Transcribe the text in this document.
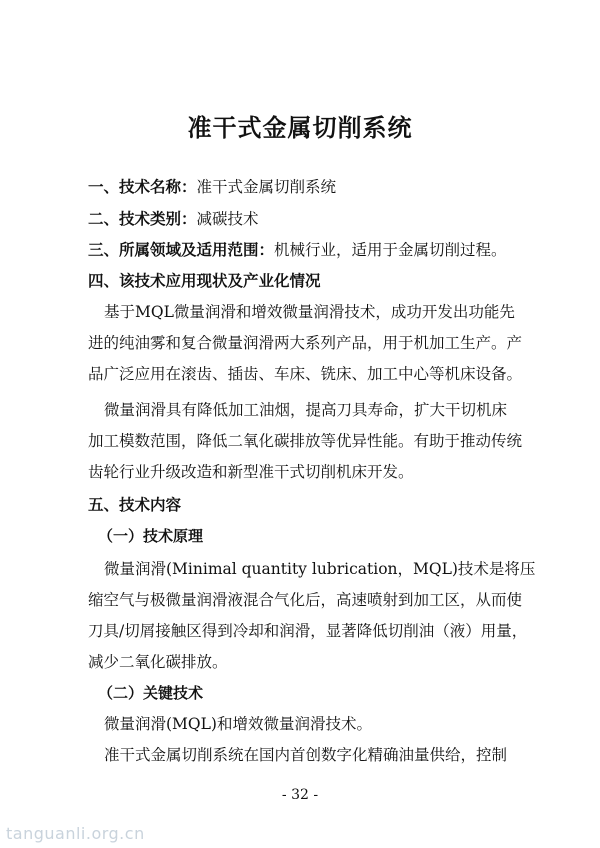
准干式金属切削系统
一、技术名称：准干式金属切削系统
二、技术类别：减碳技术
三、所属领域及适用范围：机械行业，适用于金属切削过程。
四、该技术应用现状及产业化情况
基于MQL微量润滑和增效微量润滑技术，成功开发出功能先
进的纯油雾和复合微量润滑两大系列产品，用于机加工生产。产
品广泛应用在滚齿、插齿、车床、铣床、加工中心等机床设备。
微量润滑具有降低加工油烟，提高刀具寿命，扩大干切机床
加工模数范围，降低二氧化碳排放等优异性能。有助于推动传统
齿轮行业升级改造和新型准干式切削机床开发。
五、技术内容
（一）技术原理
微量润滑(Minimal quantity lubrication，MQL)技术是将压
缩空气与极微量润滑液混合气化后，高速喷射到加工区，从而使
刀具/切屑接触区得到冷却和润滑，显著降低切削油（液）用量，
减少二氧化碳排放。
（二）关键技术
微量润滑(MQL)和增效微量润滑技术。
准干式金属切削系统在国内首创数字化精确油量供给，控制
- 32 -
tanguanli.org.cn
